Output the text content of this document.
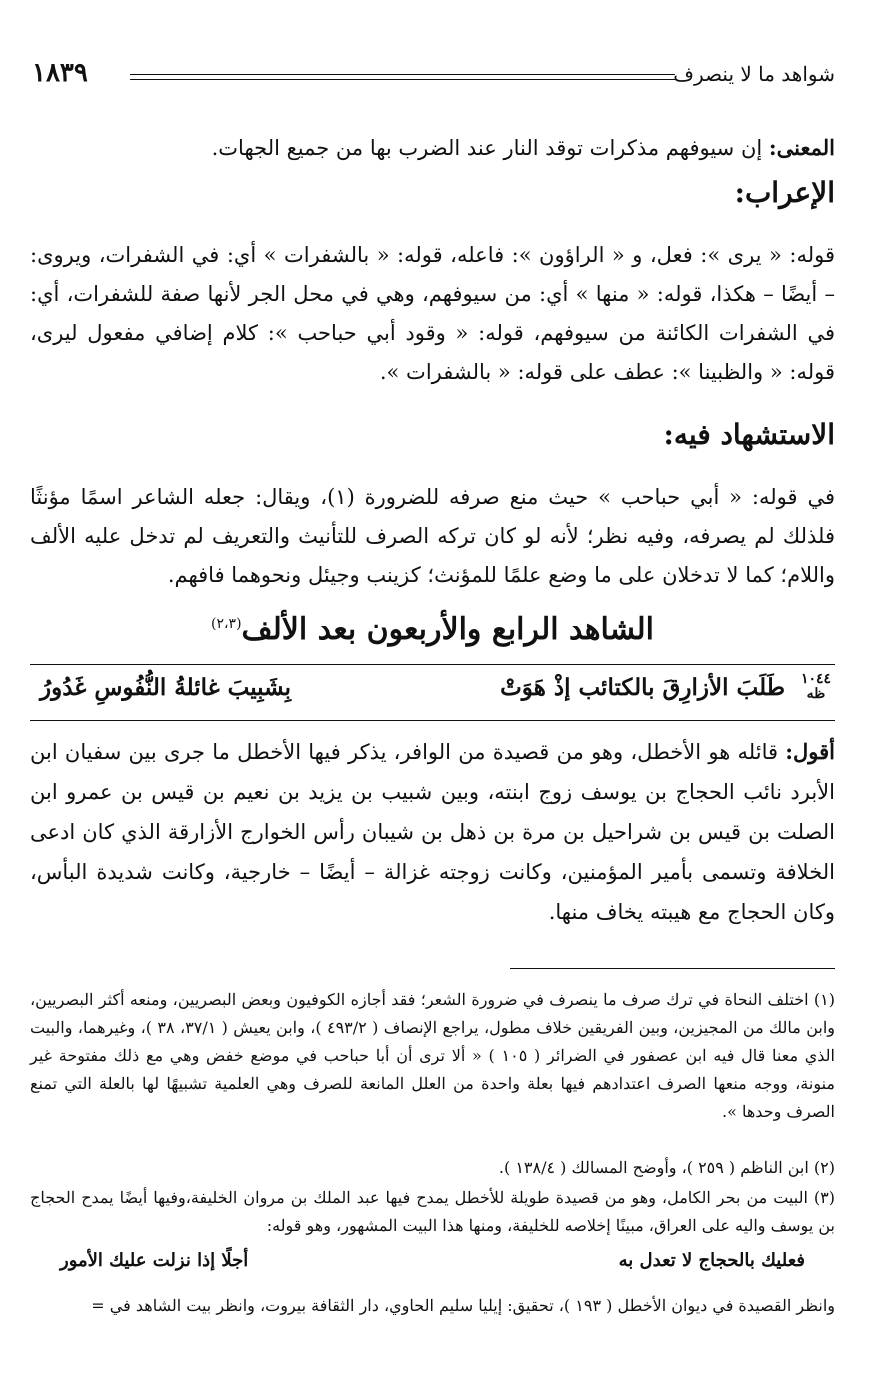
١٨٣٩	شواهد ما لا ينصرف
المعنى: إن سيوفهم مذكرات توقد النار عند الضرب بها من جميع الجهات.
الإعراب:
قوله: « يرى »: فعل، و « الراؤون »: فاعله، قوله: « بالشفرات » أي: في الشفرات، ويروى: – أيضًا – هكذا، قوله: « منها » أي: من سيوفهم، وهي في محل الجر لأنها صفة للشفرات، أي: في الشفرات الكائنة من سيوفهم، قوله: « وقود أبي حباحب »: كلام إضافي مفعول ليرى، قوله: « والظبينا »: عطف على قوله: « بالشفرات ».
الاستشهاد فيه:
في قوله: « أبي حباحب » حيث منع صرفه للضرورة (١)، ويقال: جعله الشاعر اسمًا مؤنثًا فلذلك لم يصرفه، وفيه نظر؛ لأنه لو كان تركه الصرف للتأنيث والتعريف لم تدخل عليه الألف واللام؛ كما لا تدخلان على ما وضع علمًا للمؤنث؛ كزينب وجيئل ونحوهما فافهم.
الشاهد الرابع والأربعون بعد الألف$^{(٢،٣)}$
١٠٤٤
ظه
طَلَبَ الأزارِقَ بالكتائب إذْ هَوَتْ
بِشَبِيبَ غائلةُ النُّفُوسِ غَدُورُ
أقول: قائله هو الأخطل، وهو من قصيدة من الوافر، يذكر فيها الأخطل ما جرى بين سفيان ابن الأبرد نائب الحجاج بن يوسف زوج ابنته، وبين شبيب بن يزيد بن نعيم بن قيس بن عمرو ابن الصلت بن قيس بن شراحيل بن مرة بن ذهل بن شيبان رأس الخوارج الأزارقة الذي كان ادعى الخلافة وتسمى بأمير المؤمنين، وكانت زوجته غزالة – أيضًا – خارجية، وكانت شديدة البأس، وكان الحجاج مع هيبته يخاف منها.
(١) اختلف النحاة في ترك صرف ما ينصرف في ضرورة الشعر؛ فقد أجازه الكوفيون وبعض البصريين، ومنعه أكثر البصريين، وابن مالك من المجيزين، وبين الفريقين خلاف مطول، يراجع الإنصاف ( ٤٩٣/٢ )، وابن يعيش ( ٣٧/١، ٣٨ )، وغيرهما، والبيت الذي معنا قال فيه ابن عصفور في الضرائر ( ١٠٥ ) « ألا ترى أن أبا حباحب في موضع خفض وهي مع ذلك مفتوحة غير منونة، ووجه منعها الصرف اعتدادهم فيها بعلة واحدة من العلل المانعة للصرف وهي العلمية تشبيهًا لها بالعلة التي تمنع الصرف وحدها ».
(٢) ابن الناظم ( ٢٥٩ )، وأوضح المسالك ( ١٣٨/٤ ).
(٣) البيت من بحر الكامل، وهو من قصيدة طويلة للأخطل يمدح فيها عبد الملك بن مروان الخليفة،وفيها أيضًا يمدح الحجاج بن يوسف واليه على العراق، مبينًا إخلاصه للخليفة، ومنها هذا البيت المشهور، وهو قوله:
فعليك بالحجاج لا تعدل به
أجلًا إذا نزلت عليك الأمور
وانظر القصيدة في ديوان الأخطل ( ١٩٣ )، تحقيق: إيليا سليم الحاوي، دار الثقافة بيروت، وانظر بيت الشاهد في =
